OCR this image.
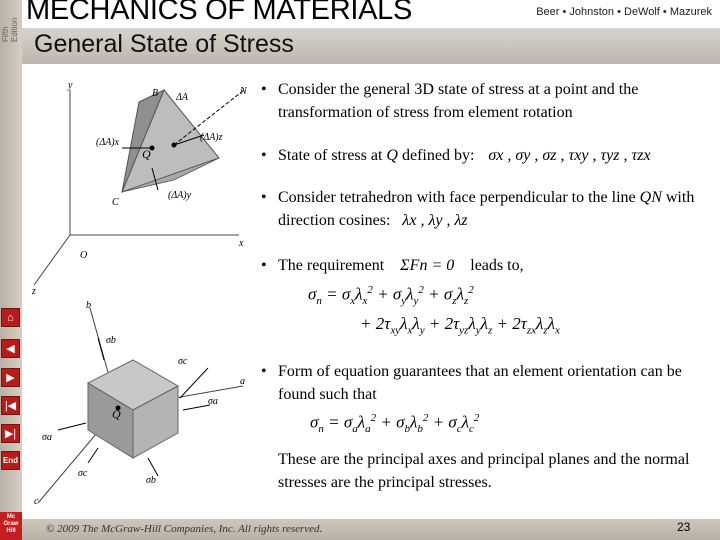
Fifth Edition
MECHANICS OF MATERIALS	Beer • Johnston • DeWolf • Mazurek
General State of Stress
⌂
◀
▶
|◀
▶|
End
Mc Graw Hill
y
x
z
O
B ΔA
N
(ΔA)x	(ΔA)z
Q
C
(ΔA)y
b
a
c
Q
σb
σc
σa
σa
σb
σc
• Consider the general 3D state of stress at a point and the transformation of stress from element rotation
• State of stress at Q defined by: σx , σy , σz , τxy , τyz , τzx
• Consider tetrahedron with face perpendicular to the line QN with direction cosines: λx , λy , λz
• The requirement ΣFn = 0 leads to,
$\sigma_n = \sigma_x\lambda_x^2 + \sigma_y\lambda_y^2 + \sigma_z\lambda_z^2$
+ $2\tau_{xy}\lambda_x\lambda_y + 2\tau_{yz}\lambda_y\lambda_z + 2\tau_{zx}\lambda_z\lambda_x$
• Form of equation guarantees that an element orientation can be found such that
$\sigma_n = \sigma_a\lambda_a^2 + \sigma_b\lambda_b^2 + \sigma_c\lambda_c^2$
These are the principal axes and principal planes and the normal stresses are the principal stresses.
© 2009 The McGraw-Hill Companies, Inc. All rights reserved.	23
